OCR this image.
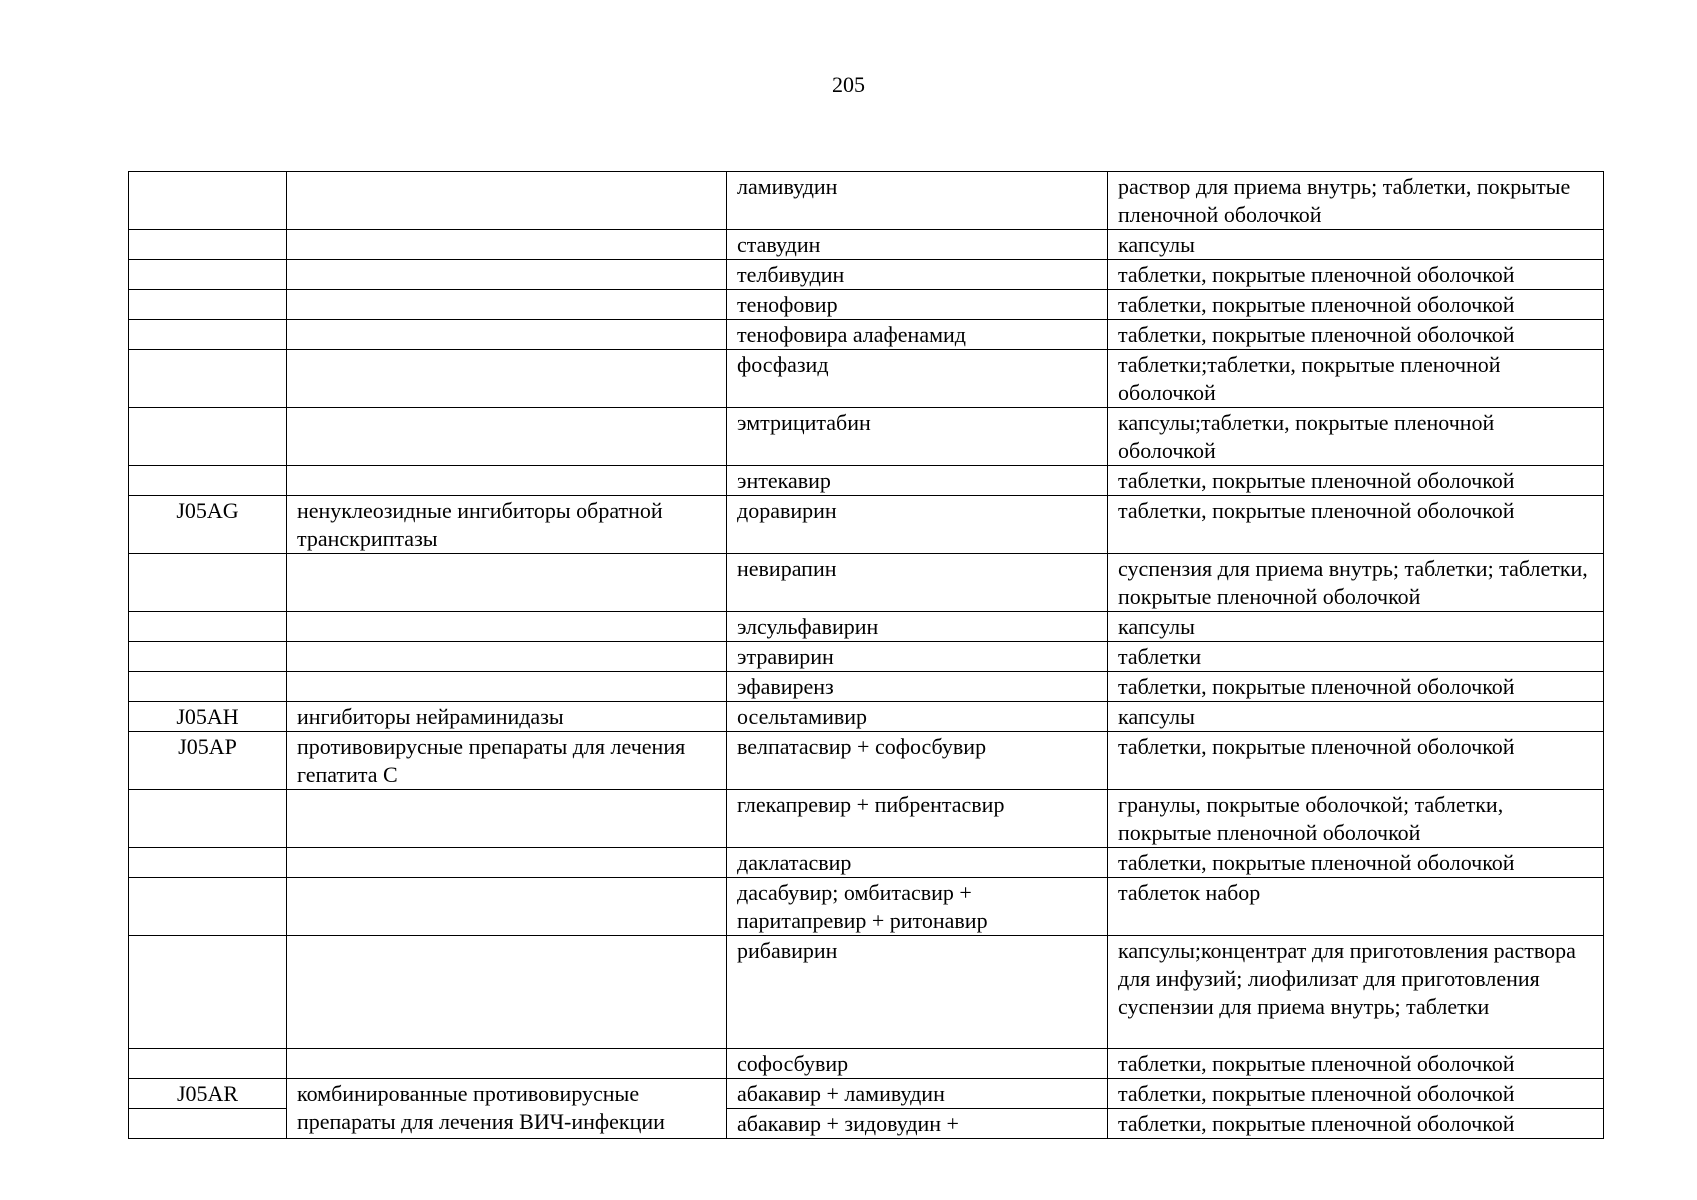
205

		ламивудин	раствор для приема внутрь; таблетки, покрытые пленочной оболочкой

		ставудин	капсулы

		телбивудин	таблетки, покрытые пленочной оболочкой

		тенофовир	таблетки, покрытые пленочной оболочкой

		тенофовира алафенамид	таблетки, покрытые пленочной оболочкой

		фосфазид	таблетки;таблетки, покрытые пленочной оболочкой

		эмтрицитабин	капсулы;таблетки, покрытые пленочной оболочкой

		энтекавир	таблетки, покрытые пленочной оболочкой

J05AG	ненуклеозидные ингибиторы обратной транскриптазы	доравирин	таблетки, покрытые пленочной оболочкой

		невирапин	суспензия для приема внутрь; таблетки; таблетки, покрытые пленочной оболочкой

		элсульфавирин	капсулы

		этравирин	таблетки

		эфавиренз	таблетки, покрытые пленочной оболочкой

J05AH	ингибиторы нейраминидазы	осельтамивир	капсулы

J05AP	противовирусные препараты для лечения гепатита С	велпатасвир + софосбувир	таблетки, покрытые пленочной оболочкой

		глекапревир + пибрентасвир	гранулы, покрытые оболочкой; таблетки, покрытые пленочной оболочкой

		даклатасвир	таблетки, покрытые пленочной оболочкой

		дасабувир; омбитасвир + паритапревир + ритонавир	таблеток набор

		рибавирин	капсулы;концентрат для приготовления раствора для инфузий; лиофилизат для приготовления суспензии для приема внутрь; таблетки

		софосбувир	таблетки, покрытые пленочной оболочкой

J05AR	комбинированные противовирусные препараты для лечения ВИЧ-инфекции	абакавир + ламивудин	таблетки, покрытые пленочной оболочкой

		абакавир + зидовудин +	таблетки, покрытые пленочной оболочкой
